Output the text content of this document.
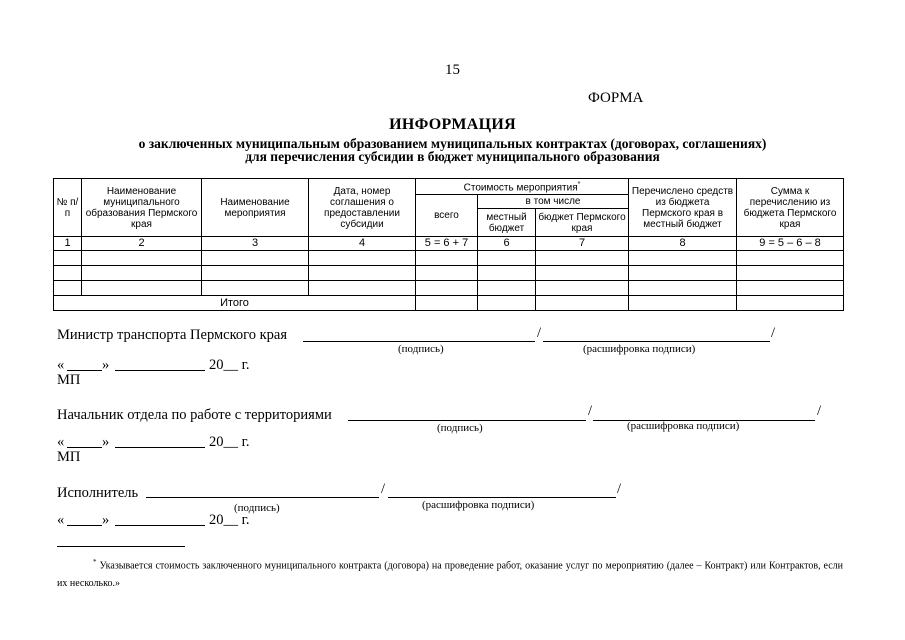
15
ФОРМА
ИНФОРМАЦИЯ
о заключенных муниципальным образованием муниципальных контрактах (договорах, соглашениях)
для перечисления субсидии в бюджет муниципального образования
№ п/п	Наименование муниципального образования Пермского края	Наименование мероприятия	Дата, номер соглашения о предоставлении субсидии	Стоимость мероприятия*			Перечислено средств из бюджета Пермского края в местный бюджет	Сумма к перечислению из бюджета Пермского края
				всего	в том числе			
					местный бюджет	бюджет Пермского края		
1	2	3	4	5 = 6 + 7	6	7	8	9 = 5 – 6 – 8

Итого								
Министр транспорта Пермского края	/	/
(подпись)	(расшифровка подписи)
«	»	20__ г.
МП
Начальник отдела по работе с территориями	/	/
(подпись)	(расшифровка подписи)
«	»	20__ г.
МП
Исполнитель	/	/
(подпись)	(расшифровка подписи)
«	»	20__ г.
* Указывается стоимость заключенного муниципального контракта (договора) на проведение работ, оказание услуг по мероприятию (далее – Контракт) или Контрактов, если их несколько.»
